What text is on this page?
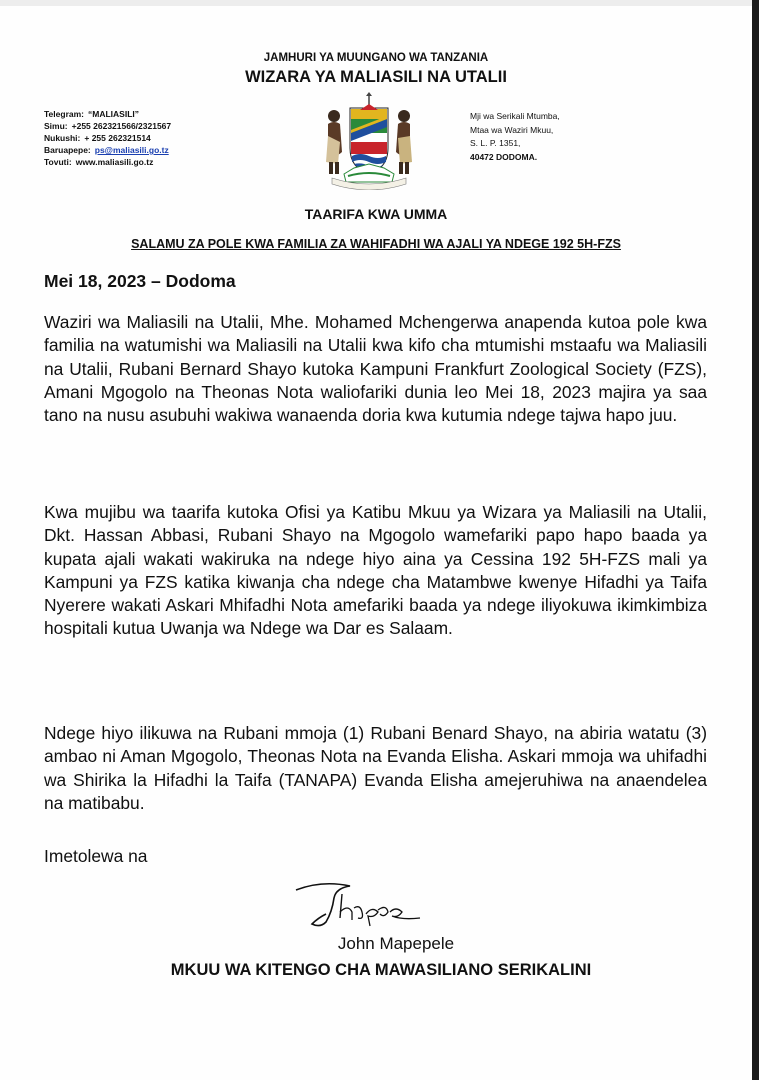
JAMHURI YA MUUNGANO WA TANZANIA
WIZARA YA MALIASILI NA UTALII
Telegram: “MALIASILI”
Simu: +255 262321566/2321567
Nukushi: + 255 262321514
Baruapepe: ps@maliasili.go.tz
Tovuti: www.maliasili.go.tz
Mji wa Serikali Mtumba,
Mtaa wa Waziri Mkuu,
S. L. P. 1351,
40472 DODOMA.
TAARIFA KWA UMMA
SALAMU ZA POLE KWA FAMILIA ZA WAHIFADHI WA AJALI YA NDEGE 192 5H-FZS
Mei 18, 2023 – Dodoma
Waziri wa Maliasili na Utalii, Mhe. Mohamed Mchengerwa anapenda kutoa pole kwa familia na watumishi wa Maliasili na Utalii kwa kifo cha mtumishi mstaafu wa Maliasili na Utalii, Rubani Bernard Shayo kutoka Kampuni Frankfurt Zoological Society (FZS), Amani Mgogolo na Theonas Nota waliofariki dunia leo Mei 18, 2023 majira ya saa tano na nusu asubuhi wakiwa wanaenda doria kwa kutumia ndege tajwa hapo juu.
Kwa mujibu wa taarifa kutoka Ofisi ya Katibu Mkuu ya Wizara ya Maliasili na Utalii, Dkt. Hassan Abbasi, Rubani Shayo na Mgogolo wamefariki papo hapo baada ya kupata ajali wakati wakiruka na ndege hiyo aina ya Cessina 192 5H-FZS mali ya Kampuni ya FZS katika kiwanja cha ndege cha Matambwe kwenye Hifadhi ya Taifa Nyerere wakati Askari Mhifadhi Nota amefariki baada ya ndege iliyokuwa ikimkimbiza hospitali kutua Uwanja wa Ndege wa Dar es Salaam.
Ndege hiyo ilikuwa na Rubani mmoja (1) Rubani Benard Shayo, na abiria watatu (3) ambao ni Aman Mgogolo, Theonas Nota na Evanda Elisha. Askari mmoja wa uhifadhi wa Shirika la Hifadhi la Taifa (TANAPA) Evanda Elisha amejeruhiwa na anaendelea na matibabu.
Imetolewa na
John Mapepele
MKUU WA KITENGO CHA MAWASILIANO SERIKALINI
